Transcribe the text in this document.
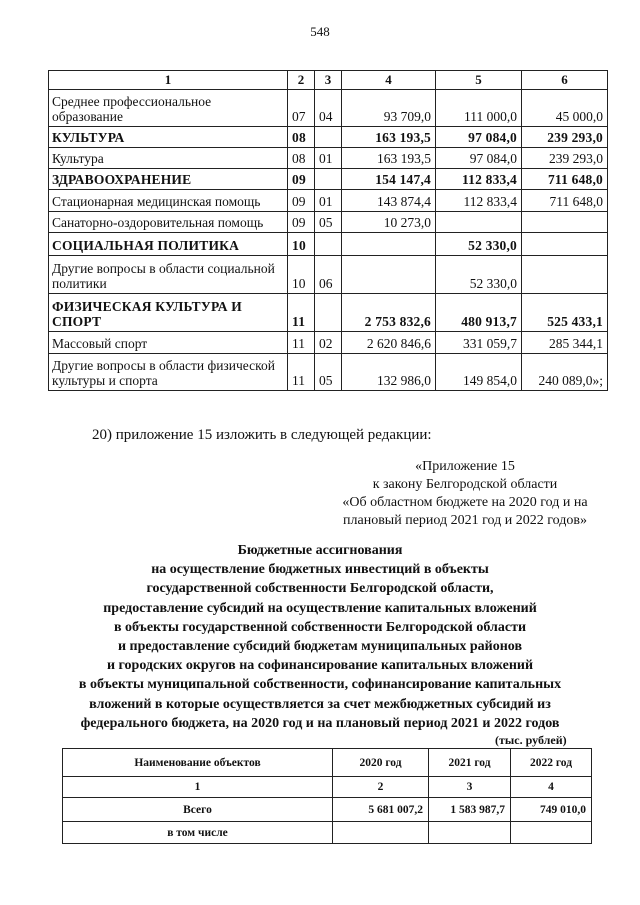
548
1	2	3	4	5	6
Среднее профессиональное образование	07	04	93 709,0	111 000,0	45 000,0
КУЛЬТУРА	08		163 193,5	97 084,0	239 293,0
Культура	08	01	163 193,5	97 084,0	239 293,0
ЗДРАВООХРАНЕНИЕ	09		154 147,4	112 833,4	711 648,0
Стационарная медицинская помощь	09	01	143 874,4	112 833,4	711 648,0
Санаторно-оздоровительная помощь	09	05	10 273,0		
СОЦИАЛЬНАЯ ПОЛИТИКА	10			52 330,0	
Другие вопросы в области социальной политики	10	06		52 330,0	
ФИЗИЧЕСКАЯ КУЛЬТУРА И СПОРТ	11		2 753 832,6	480 913,7	525 433,1
Массовый спорт	11	02	2 620 846,6	331 059,7	285 344,1
Другие вопросы в области физической культуры и спорта	11	05	132 986,0	149 854,0	240 089,0»;
20) приложение 15 изложить в следующей редакции:
«Приложение 15
к закону Белгородской области
«Об областном бюджете на 2020 год и на
плановый период 2021 год и 2022 годов»
Бюджетные ассигнования
на осуществление бюджетных инвестиций в объекты
государственной собственности Белгородской области,
предоставление субсидий на осуществление капитальных вложений
в объекты государственной собственности Белгородской области
и предоставление субсидий бюджетам муниципальных районов
и городских округов на софинансирование капитальных вложений
в объекты муниципальной собственности, софинансирование капитальных
вложений в которые осуществляется за счет межбюджетных субсидий из
федерального бюджета, на 2020 год и на плановый период 2021 и 2022 годов
(тыс. рублей)
Наименование объектов	2020 год	2021 год	2022 год
1	2	3	4
Всего	5 681 007,2	1 583 987,7	749 010,0
в том числе			
